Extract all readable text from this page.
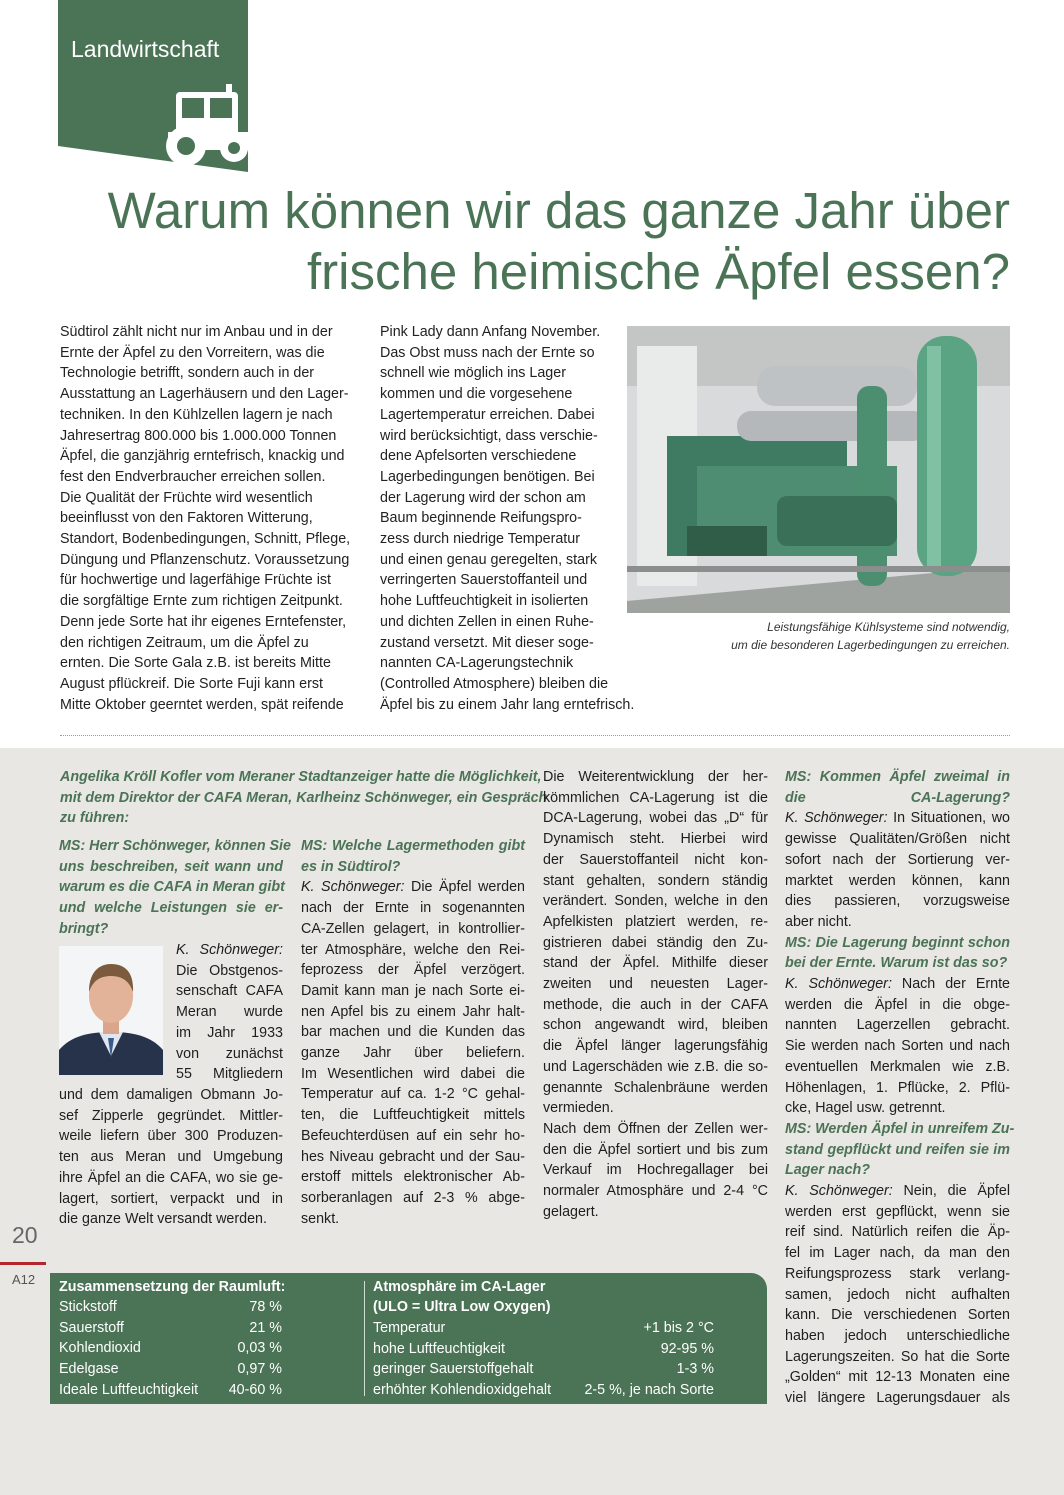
Landwirtschaft
Warum können wir das ganze Jahr über
frische heimische Äpfel essen?

Südtirol zählt nicht nur im Anbau und in der
Ernte der Äpfel zu den Vorreitern, was die
Technologie betrifft, sondern auch in der
Ausstattung an Lagerhäusern und den Lager-
techniken. In den Kühlzellen lagern je nach
Jahresertrag 800.000 bis 1.000.000 Tonnen
Äpfel, die ganzjährig erntefrisch, knackig und
fest den Endverbraucher erreichen sollen.
Die Qualität der Früchte wird wesentlich
beeinflusst von den Faktoren Witterung,
Standort, Bodenbedingungen, Schnitt, Pflege,
Düngung und Pflanzenschutz. Voraussetzung
für hochwertige und lagerfähige Früchte ist
die sorgfältige Ernte zum richtigen Zeitpunkt.
Denn jede Sorte hat ihr eigenes Erntefenster,
den richtigen Zeitraum, um die Äpfel zu
ernten. Die Sorte Gala z.B. ist bereits Mitte
August pflückreif. Die Sorte Fuji kann erst
Mitte Oktober geerntet werden, spät reifende

Pink Lady dann Anfang November.
Das Obst muss nach der Ernte so
schnell wie möglich ins Lager
kommen und die vorgesehene
Lagertemperatur erreichen. Dabei
wird berücksichtigt, dass verschie-
dene Apfelsorten verschiedene
Lagerbedingungen benötigen. Bei
der Lagerung wird der schon am
Baum beginnende Reifungspro-
zess durch niedrige Temperatur
und einen genau geregelten, stark
verringerten Sauerstoffanteil und
hohe Luftfeuchtigkeit in isolierten
und dichten Zellen in einen Ruhe-
zustand versetzt. Mit dieser soge-
nannten CA-Lagerungstechnik
(Controlled Atmosphere) bleiben die
Äpfel bis zu einem Jahr lang erntefrisch.

Leistungsfähige Kühlsysteme sind notwendig,
um die besonderen Lagerbedingungen zu erreichen.

Angelika Kröll Kofler vom Meraner Stadtanzeiger hatte die Möglichkeit,
mit dem Direktor der CAFA Meran, Karlheinz Schönweger, ein Gespräch
zu führen:

MS: Herr Schönweger, können Sie
uns beschreiben, seit wann und
warum es die CAFA in Meran gibt
und welche Leistungen sie er-
bringt?

K. Schönweger:
Die Obstgenos-
senschaft CAFA
Meran wurde
im Jahr 1933
von zunächst
55 Mitgliedern

und dem damaligen Obmann Jo-
sef Zipperle gegründet. Mittler-
weile liefern über 300 Produzen-
ten aus Meran und Umgebung
ihre Äpfel an die CAFA, wo sie ge-
lagert, sortiert, verpackt und in
die ganze Welt versandt werden.

MS: Welche Lagermethoden gibt
es in Südtirol?

K. Schönweger: Die Äpfel werden
nach der Ernte in sogenannten
CA-Zellen gelagert, in kontrollier-
ter Atmosphäre, welche den Rei-
feprozess der Äpfel verzögert.
Damit kann man je nach Sorte ei-
nen Apfel bis zu einem Jahr halt-
bar machen und die Kunden das
ganze Jahr über beliefern.
Im Wesentlichen wird dabei die
Temperatur auf ca. 1-2 °C gehal-
ten, die Luftfeuchtigkeit mittels
Befeuchterdüsen auf ein sehr ho-
hes Niveau gebracht und der Sau-
erstoff mittels elektronischer Ab-
sorberanlagen auf 2-3 % abge-
senkt.

Die Weiterentwicklung der her-
kömmlichen CA-Lagerung ist die
DCA-Lagerung, wobei das „D“ für
Dynamisch steht. Hierbei wird
der Sauerstoffanteil nicht kon-
stant gehalten, sondern ständig
verändert. Sonden, welche in den
Apfelkisten platziert werden, re-
gistrieren dabei ständig den Zu-
stand der Äpfel. Mithilfe dieser
zweiten und neuesten Lager-
methode, die auch in der CAFA
schon angewandt wird, bleiben
die Äpfel länger lagerungsfähig
und Lagerschäden wie z.B. die so-
genannte Schalenbräune werden
vermieden.
Nach dem Öffnen der Zellen wer-
den die Äpfel sortiert und bis zum
Verkauf im Hochregallager bei
normaler Atmosphäre und 2-4 °C
gelagert.

MS: Kommen Äpfel zweimal in
die CA-Lagerung?
K. Schönweger: In Situationen, wo
gewisse Qualitäten/Größen nicht
sofort nach der Sortierung ver-
marktet werden können, kann
dies passieren, vorzugsweise
aber nicht.
MS: Die Lagerung beginnt schon
bei der Ernte. Warum ist das so?
K. Schönweger: Nach der Ernte
werden die Äpfel in die obge-
nannten Lagerzellen gebracht.
Sie werden nach Sorten und nach
eventuellen Merkmalen wie z.B.
Höhenlagen, 1. Pflücke, 2. Pflü-
cke, Hagel usw. getrennt.
MS: Werden Äpfel in unreifem Zu-
stand gepflückt und reifen sie im
Lager nach?
K. Schönweger: Nein, die Äpfel
werden erst gepflückt, wenn sie
reif sind. Natürlich reifen die Äp-
fel im Lager nach, da man den
Reifungsprozess stark verlang-
samen, jedoch nicht aufhalten
kann. Die verschiedenen Sorten
haben jedoch unterschiedliche
Lagerungszeiten. So hat die Sorte
„Golden“ mit 12-13 Monaten eine
viel längere Lagerungsdauer als

20
A12 Zusammensetzung der Raumluft:
Stickstoff	78 %
Sauerstoff	21 %
Kohlendioxid	0,03 %
Edelgase	0,97 %
Ideale Luftfeuchtigkeit 40-60 %
Atmosphäre im CA-Lager
(ULO = Ultra Low Oxygen)
Temperatur	+1 bis 2 °C
hohe Luftfeuchtigkeit	92-95 %
geringer Sauerstoffgehalt	1-3 %
erhöhter Kohlendioxidgehalt 2-5 %, je nach Sorte
